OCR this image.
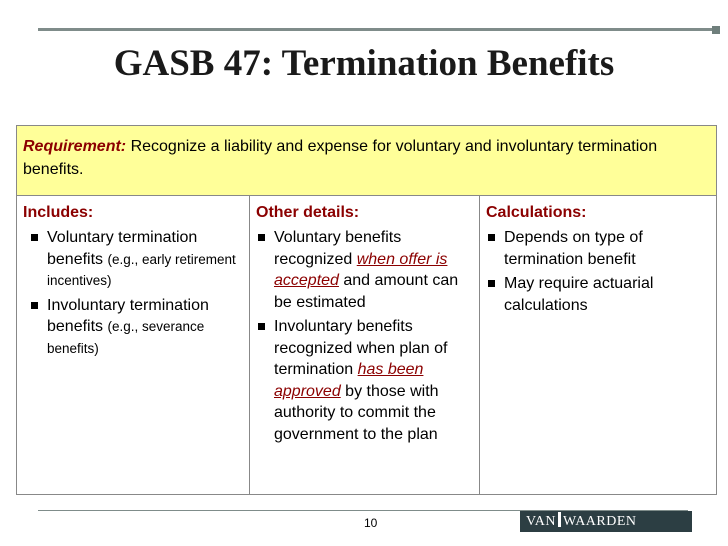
GASB 47: Termination Benefits
Requirement: Recognize a liability and expense for voluntary and involuntary termination benefits.
Includes:
Voluntary termination benefits (e.g., early retirement incentives)
Involuntary termination benefits (e.g., severance benefits)
Other details:
Voluntary benefits recognized when offer is accepted and amount can be estimated
Involuntary benefits recognized when plan of termination has been approved by those with authority to commit the government to the plan
Calculations:
Depends on type of termination benefit
May require actuarial calculations
10	VAN WAARDEN
